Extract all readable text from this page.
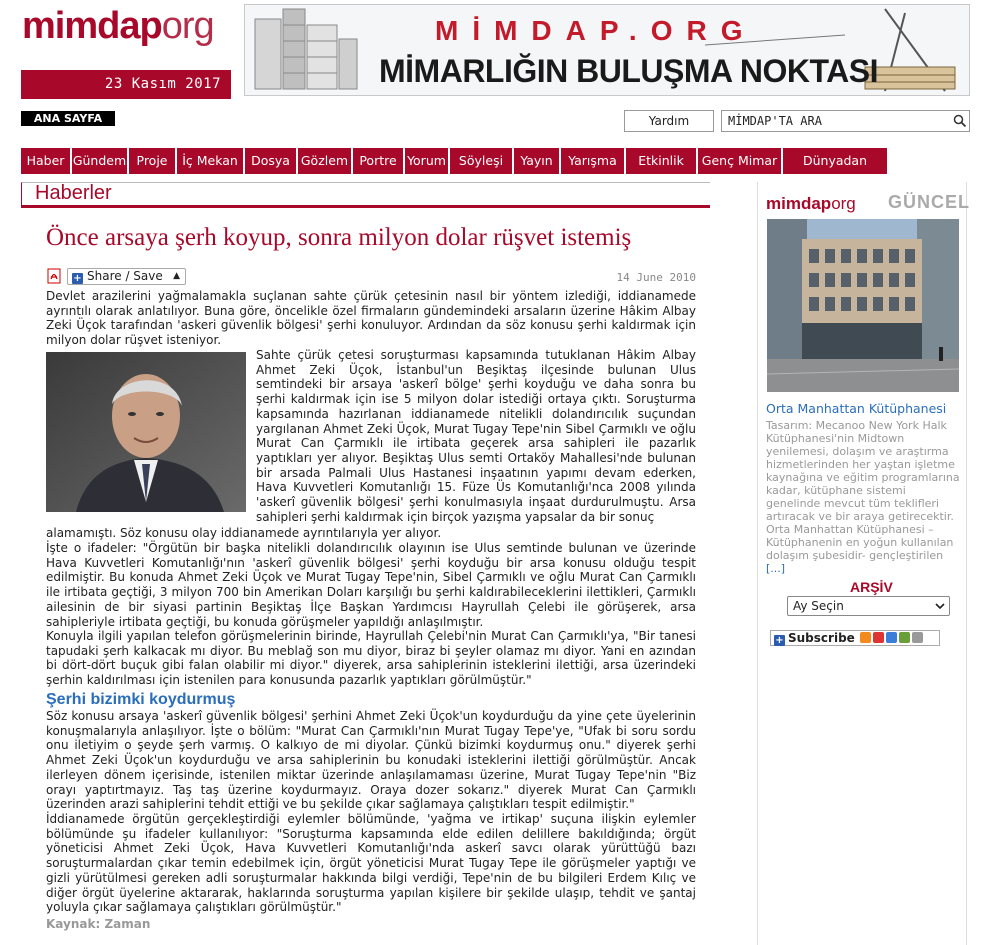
mimdaporg
23 Kasım 2017
MİMDAP.ORG
MİMARLIĞIN BULUŞMA NOKTASI
ANA SAYFA	Yardım	MİMDAP'TA ARA
Haber Gündem Proje	İç Mekan	Dosya Gözlem Portre Yorum	Söyleşi	Yayın	Yarışma	Etkinlik	Genç Mimar	Dünyadan
Haberler
Önce arsaya şerh koyup, sonra milyon dolar rüşvet istemiş
+ Share / Save ▲	14 June 2010
Devlet arazilerini yağmalamakla suçlanan sahte çürük çetesinin nasıl bir yöntem izlediği, iddianamede ayrıntılı olarak anlatılıyor. Buna göre, öncelikle özel firmaların gündemindeki arsaların üzerine Hâkim Albay Zeki Üçok tarafından 'askeri güvenlik bölgesi' şerhi konuluyor. Ardından da söz konusu şerhi kaldırmak için milyon dolar rüşvet isteniyor.
Sahte çürük çetesi soruşturması kapsamında tutuklanan Hâkim Albay Ahmet Zeki Üçok, İstanbul'un Beşiktaş ilçesinde bulunan Ulus semtindeki bir arsaya 'askerî bölge' şerhi koyduğu ve daha sonra bu şerhi kaldırmak için ise 5 milyon dolar istediği ortaya çıktı. Soruşturma kapsamında hazırlanan iddianamede nitelikli dolandırıcılık suçundan yargılanan Ahmet Zeki Üçok, Murat Tugay Tepe'nin Sibel Çarmıklı ve oğlu Murat Can Çarmıklı ile irtibata geçerek arsa sahipleri ile pazarlık yaptıkları yer alıyor. Beşiktaş Ulus semti Ortaköy Mahallesi'nde bulunan bir arsada Palmali Ulus Hastanesi inşaatının yapımı devam ederken, Hava Kuvvetleri Komutanlığı 15. Füze Üs Komutanlığı'nca 2008 yılında 'askerî güvenlik bölgesi' şerhi konulmasıyla inşaat durdurulmuştu. Arsa sahipleri şerhi kaldırmak için birçok yazışma yapsalar da bir sonuç
alamamıştı. Söz konusu olay iddianamede ayrıntılarıyla yer alıyor.
İşte o ifadeler: "Örgütün bir başka nitelikli dolandırıcılık olayının ise Ulus semtinde bulunan ve üzerinde Hava Kuvvetleri Komutanlığı'nın 'askerî güvenlik bölgesi' şerhi koyduğu bir arsa konusu olduğu tespit edilmiştir. Bu konuda Ahmet Zeki Üçok ve Murat Tugay Tepe'nin, Sibel Çarmıklı ve oğlu Murat Can Çarmıklı ile irtibata geçtiği, 3 milyon 700 bin Amerikan Doları karşılığı bu şerhi kaldırabileceklerini ilettikleri, Çarmıklı ailesinin de bir siyasi partinin Beşiktaş İlçe Başkan Yardımcısı Hayrullah Çelebi ile görüşerek, arsa sahipleriyle irtibata geçtiği, bu konuda görüşmeler yapıldığı anlaşılmıştır.
Konuyla ilgili yapılan telefon görüşmelerinin birinde, Hayrullah Çelebi'nin Murat Can Çarmıklı'ya, "Bir tanesi tapudaki şerh kalkacak mı diyor. Bu meblağ son mu diyor, biraz bi şeyler olamaz mı diyor. Yani en azından bi dört-dört buçuk gibi falan olabilir mi diyor." diyerek, arsa sahiplerinin isteklerini ilettiği, arsa üzerindeki şerhin kaldırılması için istenilen para konusunda pazarlık yaptıkları görülmüştür."
Şerhi bizimki koydurmuş
Söz konusu arsaya 'askerî güvenlik bölgesi' şerhini Ahmet Zeki Üçok'un koydurduğu da yine çete üyelerinin konuşmalarıyla anlaşılıyor. İşte o bölüm: "Murat Can Çarmıklı'nın Murat Tugay Tepe'ye, "Ufak bi soru sordu onu iletiyim o şeyde şerh varmış. O kalkıyo de mi diyolar. Çünkü bizimki koydurmuş onu." diyerek şerhi Ahmet Zeki Üçok'un koydurduğu ve arsa sahiplerinin bu konudaki isteklerini ilettiği görülmüştür. Ancak ilerleyen dönem içerisinde, istenilen miktar üzerinde anlaşılamaması üzerine, Murat Tugay Tepe'nin "Biz orayı yaptırtmayız. Taş taş üzerine koydurmayız. Oraya dozer sokarız." diyerek Murat Can Çarmıklı üzerinden arazi sahiplerini tehdit ettiği ve bu şekilde çıkar sağlamaya çalıştıkları tespit edilmiştir."
İddianamede örgütün gerçekleştirdiği eylemler bölümünde, 'yağma ve irtikap' suçuna ilişkin eylemler bölümünde şu ifadeler kullanılıyor: "Soruşturma kapsamında elde edilen delillere bakıldığında; örgüt yöneticisi Ahmet Zeki Üçok, Hava Kuvvetleri Komutanlığı'nda askerî savcı olarak yürüttüğü bazı soruşturmalardan çıkar temin edebilmek için, örgüt yöneticisi Murat Tugay Tepe ile görüşmeler yaptığı ve gizli yürütülmesi gereken adli soruşturmalar hakkında bilgi verdiği, Tepe'nin de bu bilgileri Erdem Kılıç ve diğer örgüt üyelerine aktararak, haklarında soruşturma yapılan kişilere bir şekilde ulaşıp, tehdit ve şantaj yoluyla çıkar sağlamaya çalıştıkları görülmüştür."
Kaynak: Zaman
mimdaporg GÜNCEL
Orta Manhattan Kütüphanesi
Tasarım: Mecanoo New York Halk Kütüphanesi'nin Midtown yenilemesi, dolaşım ve araştırma hizmetlerinden her yaştan işletme kaynağına ve eğitim programlarına kadar, kütüphane sistemi genelinde mevcut tüm teklifleri artıracak ve bir araya getirecektir. Orta Manhattan Kütüphanesi – Kütüphanenin en yoğun kullanılan dolaşım şubesidir- gençleştirilen [...]
ARŞİV
Ay Seçin
+ Subscribe
